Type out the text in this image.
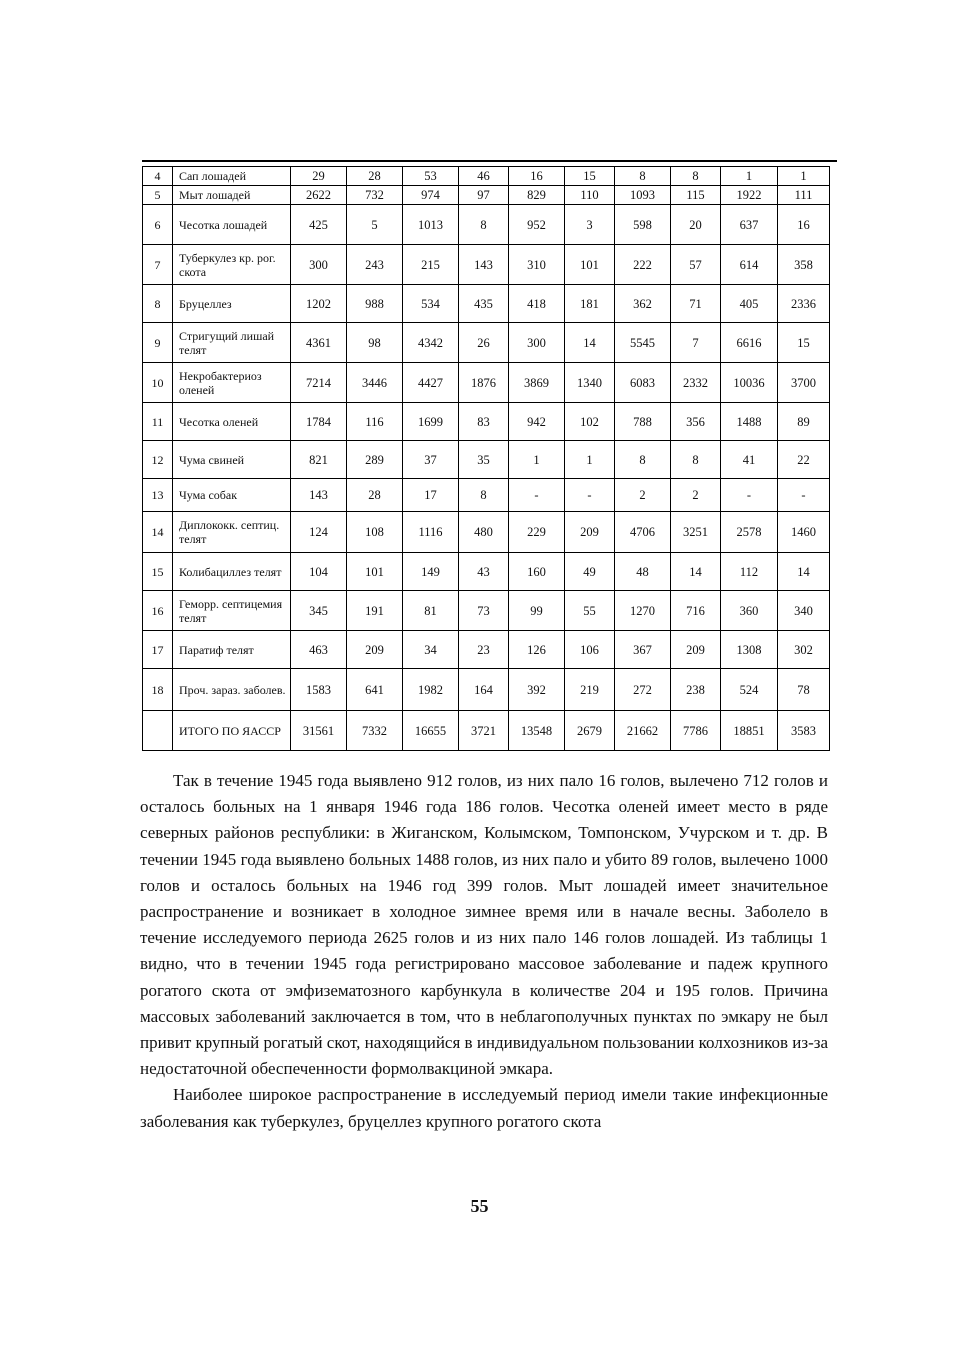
4	Сап лошадей	29	28	53	46	16	15	8	8	1	1
5	Мыт лошадей	2622	732	974	97	829	110	1093	115	1922	111
6	Чесотка лошадей	425	5	1013	8	952	3	598	20	637	16
7	Туберкулез кр. рог. скота	300	243	215	143	310	101	222	57	614	358
8	Бруцеллез	1202	988	534	435	418	181	362	71	405	2336
9	Стригущий лишай телят	4361	98	4342	26	300	14	5545	7	6616	15
10	Некробактериоз оленей	7214	3446	4427	1876	3869	1340	6083	2332	10036	3700
11	Чесотка оленей	1784	116	1699	83	942	102	788	356	1488	89
12	Чума свиней	821	289	37	35	1	1	8	8	41	22
13	Чума собак	143	28	17	8	-	-	2	2	-	-
14	Диплококк. септиц. телят	124	108	1116	480	229	209	4706	3251	2578	1460
15	Колибациллез телят	104	101	149	43	160	49	48	14	112	14
16	Геморр. септицемия телят	345	191	81	73	99	55	1270	716	360	340
17	Паратиф телят	463	209	34	23	126	106	367	209	1308	302
18	Проч. зараз. заболев.	1583	641	1982	164	392	219	272	238	524	78
	ИТОГО ПО ЯАССР	31561	7332	16655	3721	13548	2679	21662	7786	18851	3583

Так в течение 1945 года выявлено 912 голов, из них пало 16 голов, вылечено 712 голов и осталось больных на 1 января 1946 года 186 голов. Чесотка оленей имеет место в ряде северных районов республики: в Жиганском, Колымском, Томпонском, Учурском и т. др. В течении 1945 года выявлено больных 1488 голов, из них пало и убито 89 голов, вылечено 1000 голов и осталось больных на 1946 год 399 голов. Мыт лошадей имеет значительное распространение и возникает в холодное зимнее время или в начале весны. Заболело в течение исследуемого периода 2625 голов и из них пало 146 голов лошадей. Из таблицы 1 видно, что в течении 1945 года регистрировано массовое заболевание и падеж крупного рогатого скота от эмфизематозного карбункула в количестве 204 и 195 голов. Причина массовых заболеваний заключается в том, что в неблагополучных пунктах по эмкару не был привит крупный рогатый скот, находящийся в индивидуальном пользовании колхозников из-за недостаточной обеспеченности формолвакциной эмкара.

Наиболее широкое распространение в исследуемый период имели такие инфекционные заболевания как туберкулез, бруцеллез крупного рогатого скота

55
